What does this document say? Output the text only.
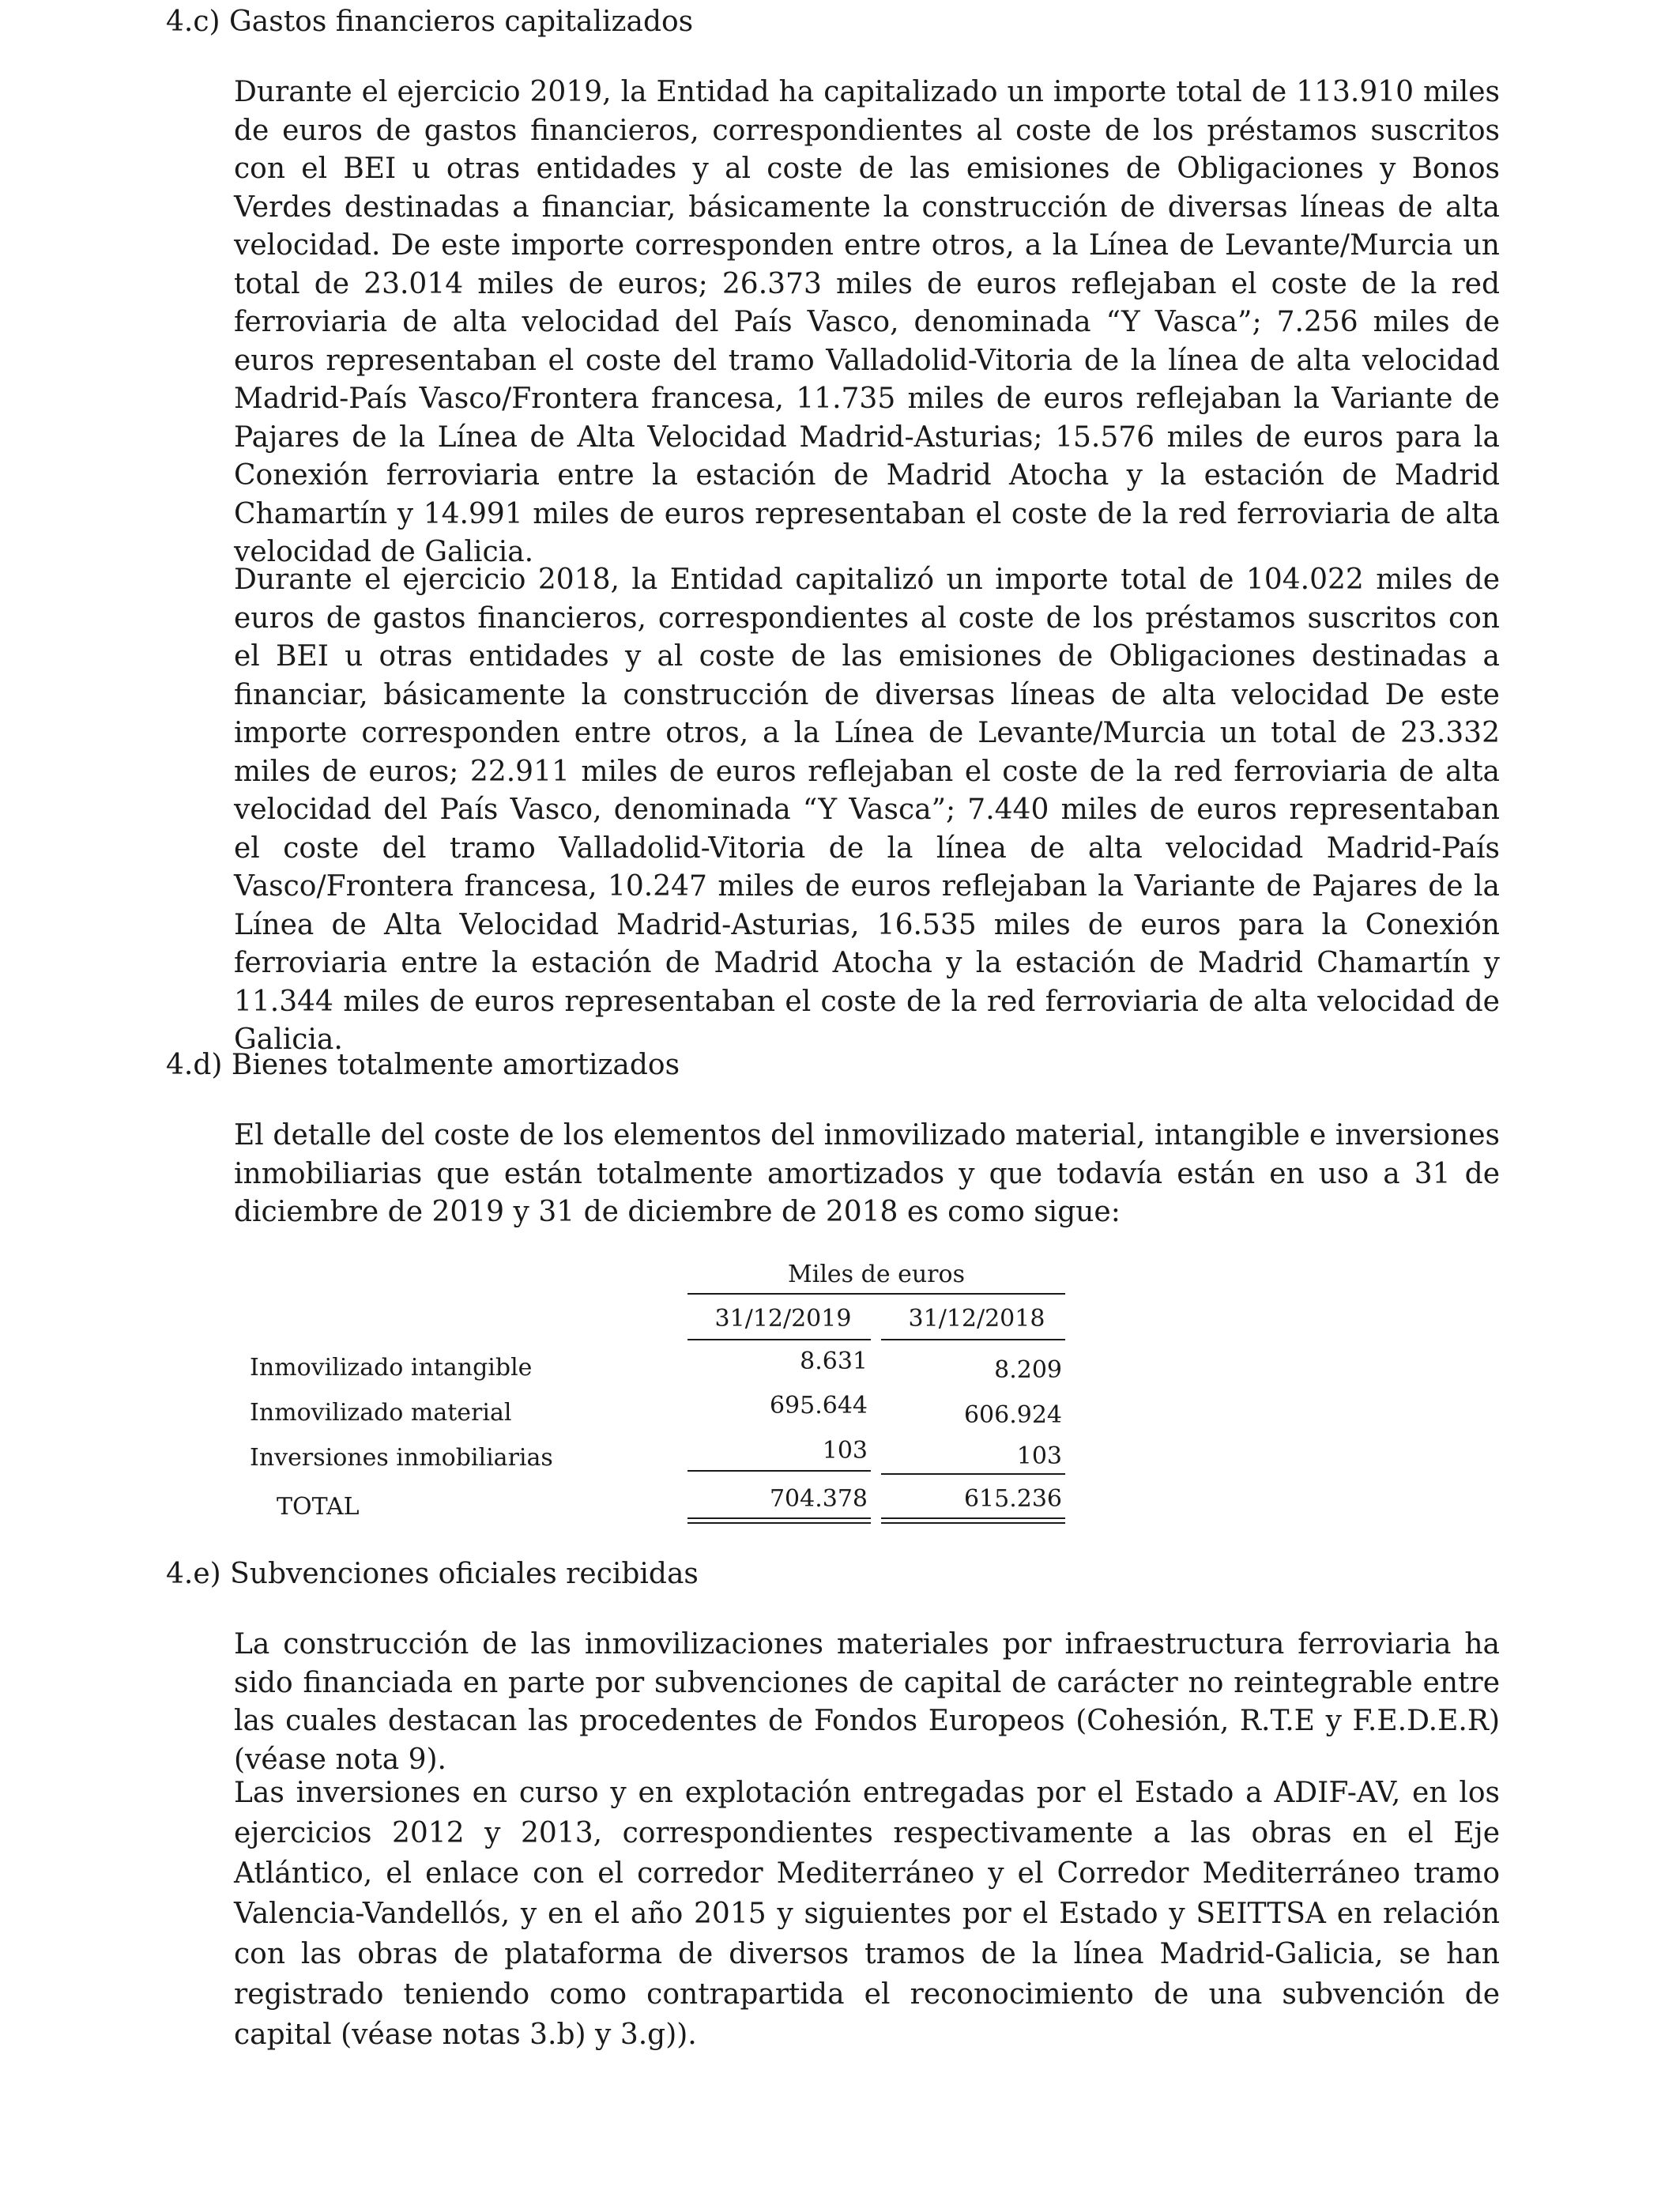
4.c) Gastos financieros capitalizados

Durante el ejercicio 2019, la Entidad ha capitalizado un importe total de 113.910 miles de euros de gastos financieros, correspondientes al coste de los préstamos suscritos con el BEI u otras entidades y al coste de las emisiones de Obligaciones y Bonos Verdes destinadas a financiar, básicamente la construcción de diversas líneas de alta velocidad. De este importe corresponden entre otros, a la Línea de Levante/Murcia un total de 23.014 miles de euros; 26.373 miles de euros reflejaban el coste de la red ferroviaria de alta velocidad del País Vasco, denominada “Y Vasca”; 7.256 miles de euros representaban el coste del tramo Valladolid-Vitoria de la línea de alta velocidad Madrid-País Vasco/Frontera francesa, 11.735 miles de euros reflejaban la Variante de Pajares de la Línea de Alta Velocidad Madrid-Asturias; 15.576 miles de euros para la Conexión ferroviaria entre la estación de Madrid Atocha y la estación de Madrid Chamartín y 14.991 miles de euros representaban el coste de la red ferroviaria de alta velocidad de Galicia.

Durante el ejercicio 2018, la Entidad capitalizó un importe total de 104.022 miles de euros de gastos financieros, correspondientes al coste de los préstamos suscritos con el BEI u otras entidades y al coste de las emisiones de Obligaciones destinadas a financiar, básicamente la construcción de diversas líneas de alta velocidad De este importe corresponden entre otros, a la Línea de Levante/Murcia un total de 23.332 miles de euros; 22.911 miles de euros reflejaban el coste de la red ferroviaria de alta velocidad del País Vasco, denominada “Y Vasca”; 7.440 miles de euros representaban el coste del tramo Valladolid-Vitoria de la línea de alta velocidad Madrid-País Vasco/Frontera francesa, 10.247 miles de euros reflejaban la Variante de Pajares de la Línea de Alta Velocidad Madrid-Asturias, 16.535 miles de euros para la Conexión ferroviaria entre la estación de Madrid Atocha y la estación de Madrid Chamartín y 11.344 miles de euros representaban el coste de la red ferroviaria de alta velocidad de Galicia.

4.d) Bienes totalmente amortizados

El detalle del coste de los elementos del inmovilizado material, intangible e inversiones inmobiliarias que están totalmente amortizados y que todavía están en uso a 31 de diciembre de 2019 y 31 de diciembre de 2018 es como sigue:

Miles de euros
31/12/2019	31/12/2018
Inmovilizado intangible	8.631	8.209
Inmovilizado material	695.644	606.924
Inversiones inmobiliarias	103	103
TOTAL	704.378	615.236
4.e) Subvenciones oficiales recibidas

La construcción de las inmovilizaciones materiales por infraestructura ferroviaria ha sido financiada en parte por subvenciones de capital de carácter no reintegrable entre las cuales destacan las procedentes de Fondos Europeos (Cohesión, R.T.E y F.E.D.E.R) (véase nota 9).

Las inversiones en curso y en explotación entregadas por el Estado a ADIF-AV, en los ejercicios 2012 y 2013, correspondientes respectivamente a las obras en el Eje Atlántico, el enlace con el corredor Mediterráneo y el Corredor Mediterráneo tramo Valencia-Vandellós, y en el año 2015 y siguientes por el Estado y SEITTSA en relación con las obras de plataforma de diversos tramos de la línea Madrid-Galicia, se han registrado teniendo como contrapartida el reconocimiento de una subvención de capital (véase notas 3.b) y 3.g)).
